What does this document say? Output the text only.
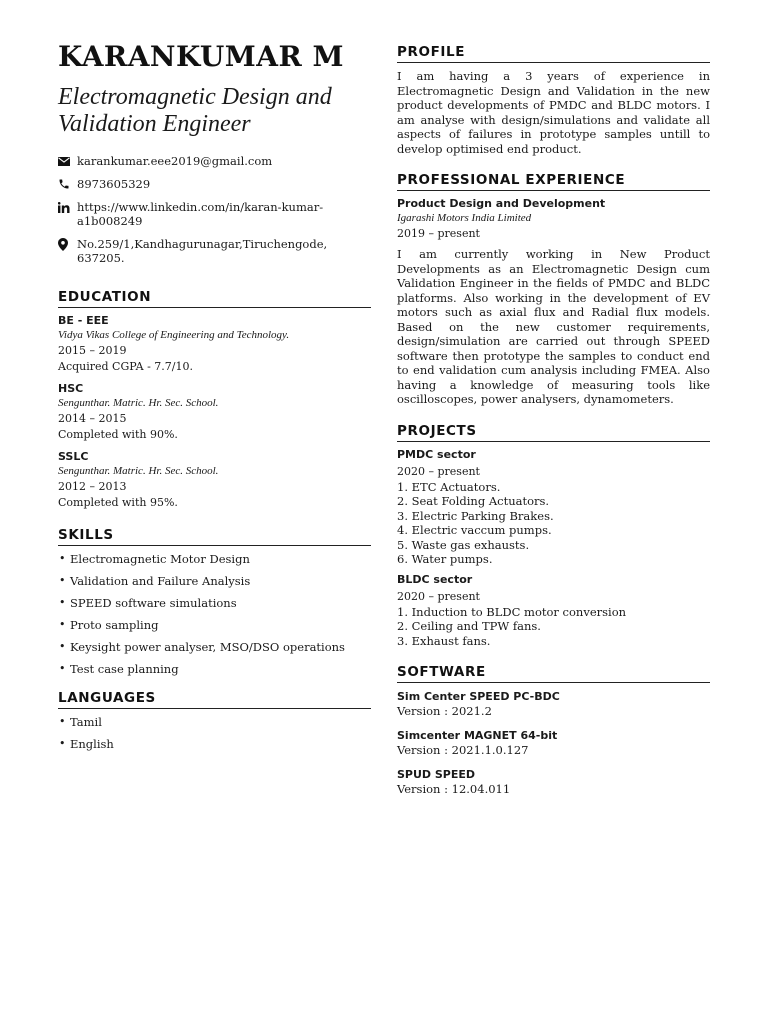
KARANKUMAR M
Electromagnetic Design and Validation Engineer
karankumar.eee2019@gmail.com
8973605329
https://www.linkedin.com/in/karan-kumar-a1b008249
No.259/1,Kandhagurunagar,Tiruchengode, 637205.
EDUCATION
BE - EEE
Vidya Vikas College of Engineering and Technology.
2015 – 2019
Acquired CGPA - 7.7/10.
HSC
Sengunthar. Matric. Hr. Sec. School.
2014 – 2015
Completed with 90%.
SSLC
Sengunthar. Matric. Hr. Sec. School.
2012 – 2013
Completed with 95%.
SKILLS
• Electromagnetic Motor Design
• Validation and Failure Analysis
• SPEED software simulations
• Proto sampling
• Keysight power analyser, MSO/DSO operations
• Test case planning
LANGUAGES
• Tamil
• English
PROFILE
I am having a 3 years of experience in Electromagnetic Design and Validation in the new product developments of PMDC and BLDC motors. I am analyse with design/simulations and validate all aspects of failures in prototype samples untill to develop optimised end product.
PROFESSIONAL EXPERIENCE
Product Design and Development
Igarashi Motors India Limited
2019 – present
I am currently working in New Product Developments as an Electromagnetic Design cum Validation Engineer in the fields of PMDC and BLDC platforms. Also working in the development of EV motors such as axial flux and Radial flux models. Based on the new customer requirements, design/simulation are carried out through SPEED software then prototype the samples to conduct end to end validation cum analysis including FMEA. Also having a knowledge of measuring tools like oscilloscopes, power analysers, dynamometers.
PROJECTS
PMDC sector
2020 – present
1. ETC Actuators.
2. Seat Folding Actuators.
3. Electric Parking Brakes.
4. Electric vaccum pumps.
5. Waste gas exhausts.
6. Water pumps.
BLDC sector
2020 – present
1. Induction to BLDC motor conversion
2. Ceiling and TPW fans.
3. Exhaust fans.
SOFTWARE
Sim Center SPEED PC-BDC
Version : 2021.2
Simcenter MAGNET 64-bit
Version : 2021.1.0.127
SPUD SPEED
Version : 12.04.011
